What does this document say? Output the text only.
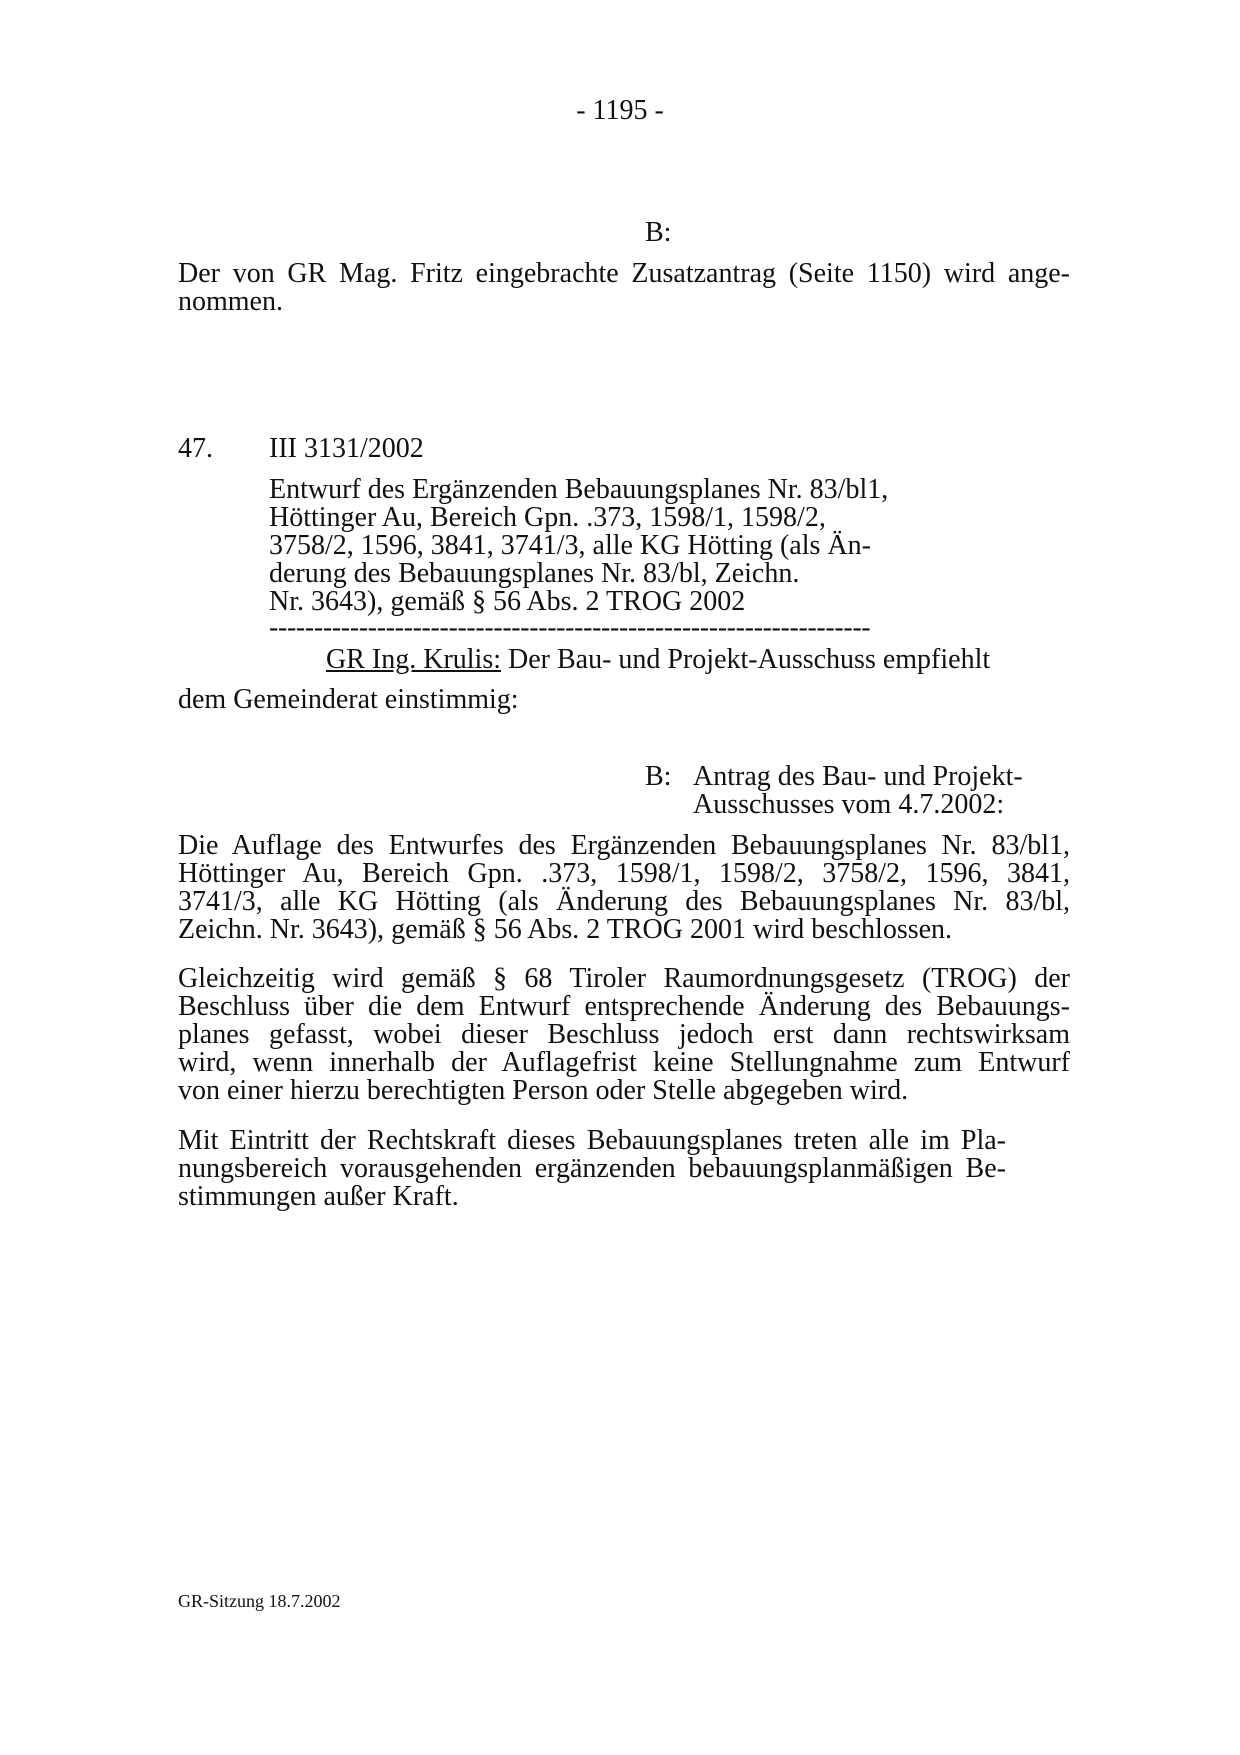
- 1195 -
B:
Der von GR Mag. Fritz eingebrachte Zusatzantrag (Seite 1150) wird ange-
nommen.
47. III 3131/2002
Entwurf des Ergänzenden Bebauungsplanes Nr. 83/bl1,
Höttinger Au, Bereich Gpn. .373, 1598/1, 1598/2,
3758/2, 1596, 3841, 3741/3, alle KG Hötting (als Än-
derung des Bebauungsplanes Nr. 83/bl, Zeichn.
Nr. 3643), gemäß § 56 Abs. 2 TROG 2002
-------------------------------------------------------------------
GR Ing. Krulis: Der Bau- und Projekt-Ausschuss empfiehlt
dem Gemeinderat einstimmig:
B: Antrag des Bau- und Projekt-
Ausschusses vom 4.7.2002:
Die Auflage des Entwurfes des Ergänzenden Bebauungsplanes Nr. 83/bl1,
Höttinger Au, Bereich Gpn. .373, 1598/1, 1598/2, 3758/2, 1596, 3841,
3741/3, alle KG Hötting (als Änderung des Bebauungsplanes Nr. 83/bl,
Zeichn. Nr. 3643), gemäß § 56 Abs. 2 TROG 2001 wird beschlossen.
Gleichzeitig wird gemäß § 68 Tiroler Raumordnungsgesetz (TROG) der
Beschluss über die dem Entwurf entsprechende Änderung des Bebauungs-
planes gefasst, wobei dieser Beschluss jedoch erst dann rechtswirksam
wird, wenn innerhalb der Auflagefrist keine Stellungnahme zum Entwurf
von einer hierzu berechtigten Person oder Stelle abgegeben wird.
Mit Eintritt der Rechtskraft dieses Bebauungsplanes treten alle im Pla-
nungsbereich vorausgehenden ergänzenden bebauungsplanmäßigen Be-
stimmungen außer Kraft.
GR-Sitzung 18.7.2002
